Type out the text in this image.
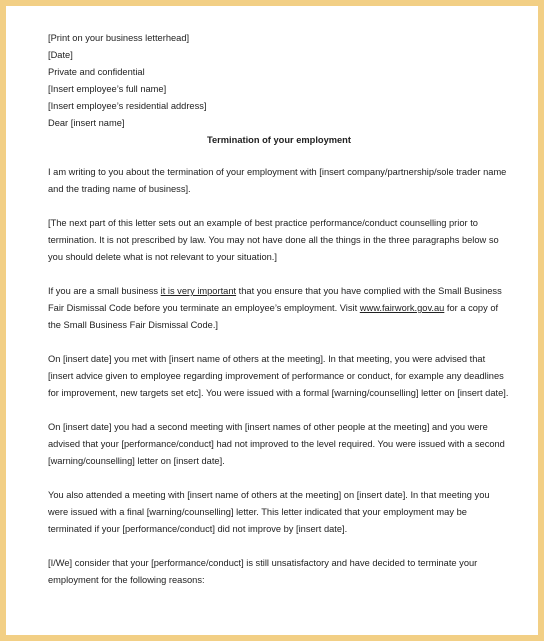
[Print on your business letterhead]
[Date]
Private and confidential
[Insert employee’s full name]
[Insert employee’s residential address]
Dear [insert name]
Termination of your employment

I am writing to you about the termination of your employment with [insert company/partnership/sole trader name and the trading name of business].

[The next part of this letter sets out an example of best practice performance/conduct counselling prior to termination. It is not prescribed by law. You may not have done all the things in the three paragraphs below so you should delete what is not relevant to your situation.]

If you are a small business it is very important that you ensure that you have complied with the Small Business Fair Dismissal Code before you terminate an employee’s employment. Visit www.fairwork.gov.au for a copy of the Small Business Fair Dismissal Code.]

On [insert date] you met with [insert name of others at the meeting]. In that meeting, you were advised that [insert advice given to employee regarding improvement of performance or conduct, for example any deadlines for improvement, new targets set etc]. You were issued with a formal [warning/counselling] letter on [insert date].

On [insert date] you had a second meeting with [insert names of other people at the meeting] and you were advised that your [performance/conduct] had not improved to the level required. You were issued with a second [warning/counselling] letter on [insert date].

You also attended a meeting with [insert name of others at the meeting] on [insert date]. In that meeting you were issued with a final [warning/counselling] letter. This letter indicated that your employment may be terminated if your [performance/conduct] did not improve by [insert date].

[I/We] consider that your [performance/conduct] is still unsatisfactory and have decided to terminate your employment for the following reasons:
